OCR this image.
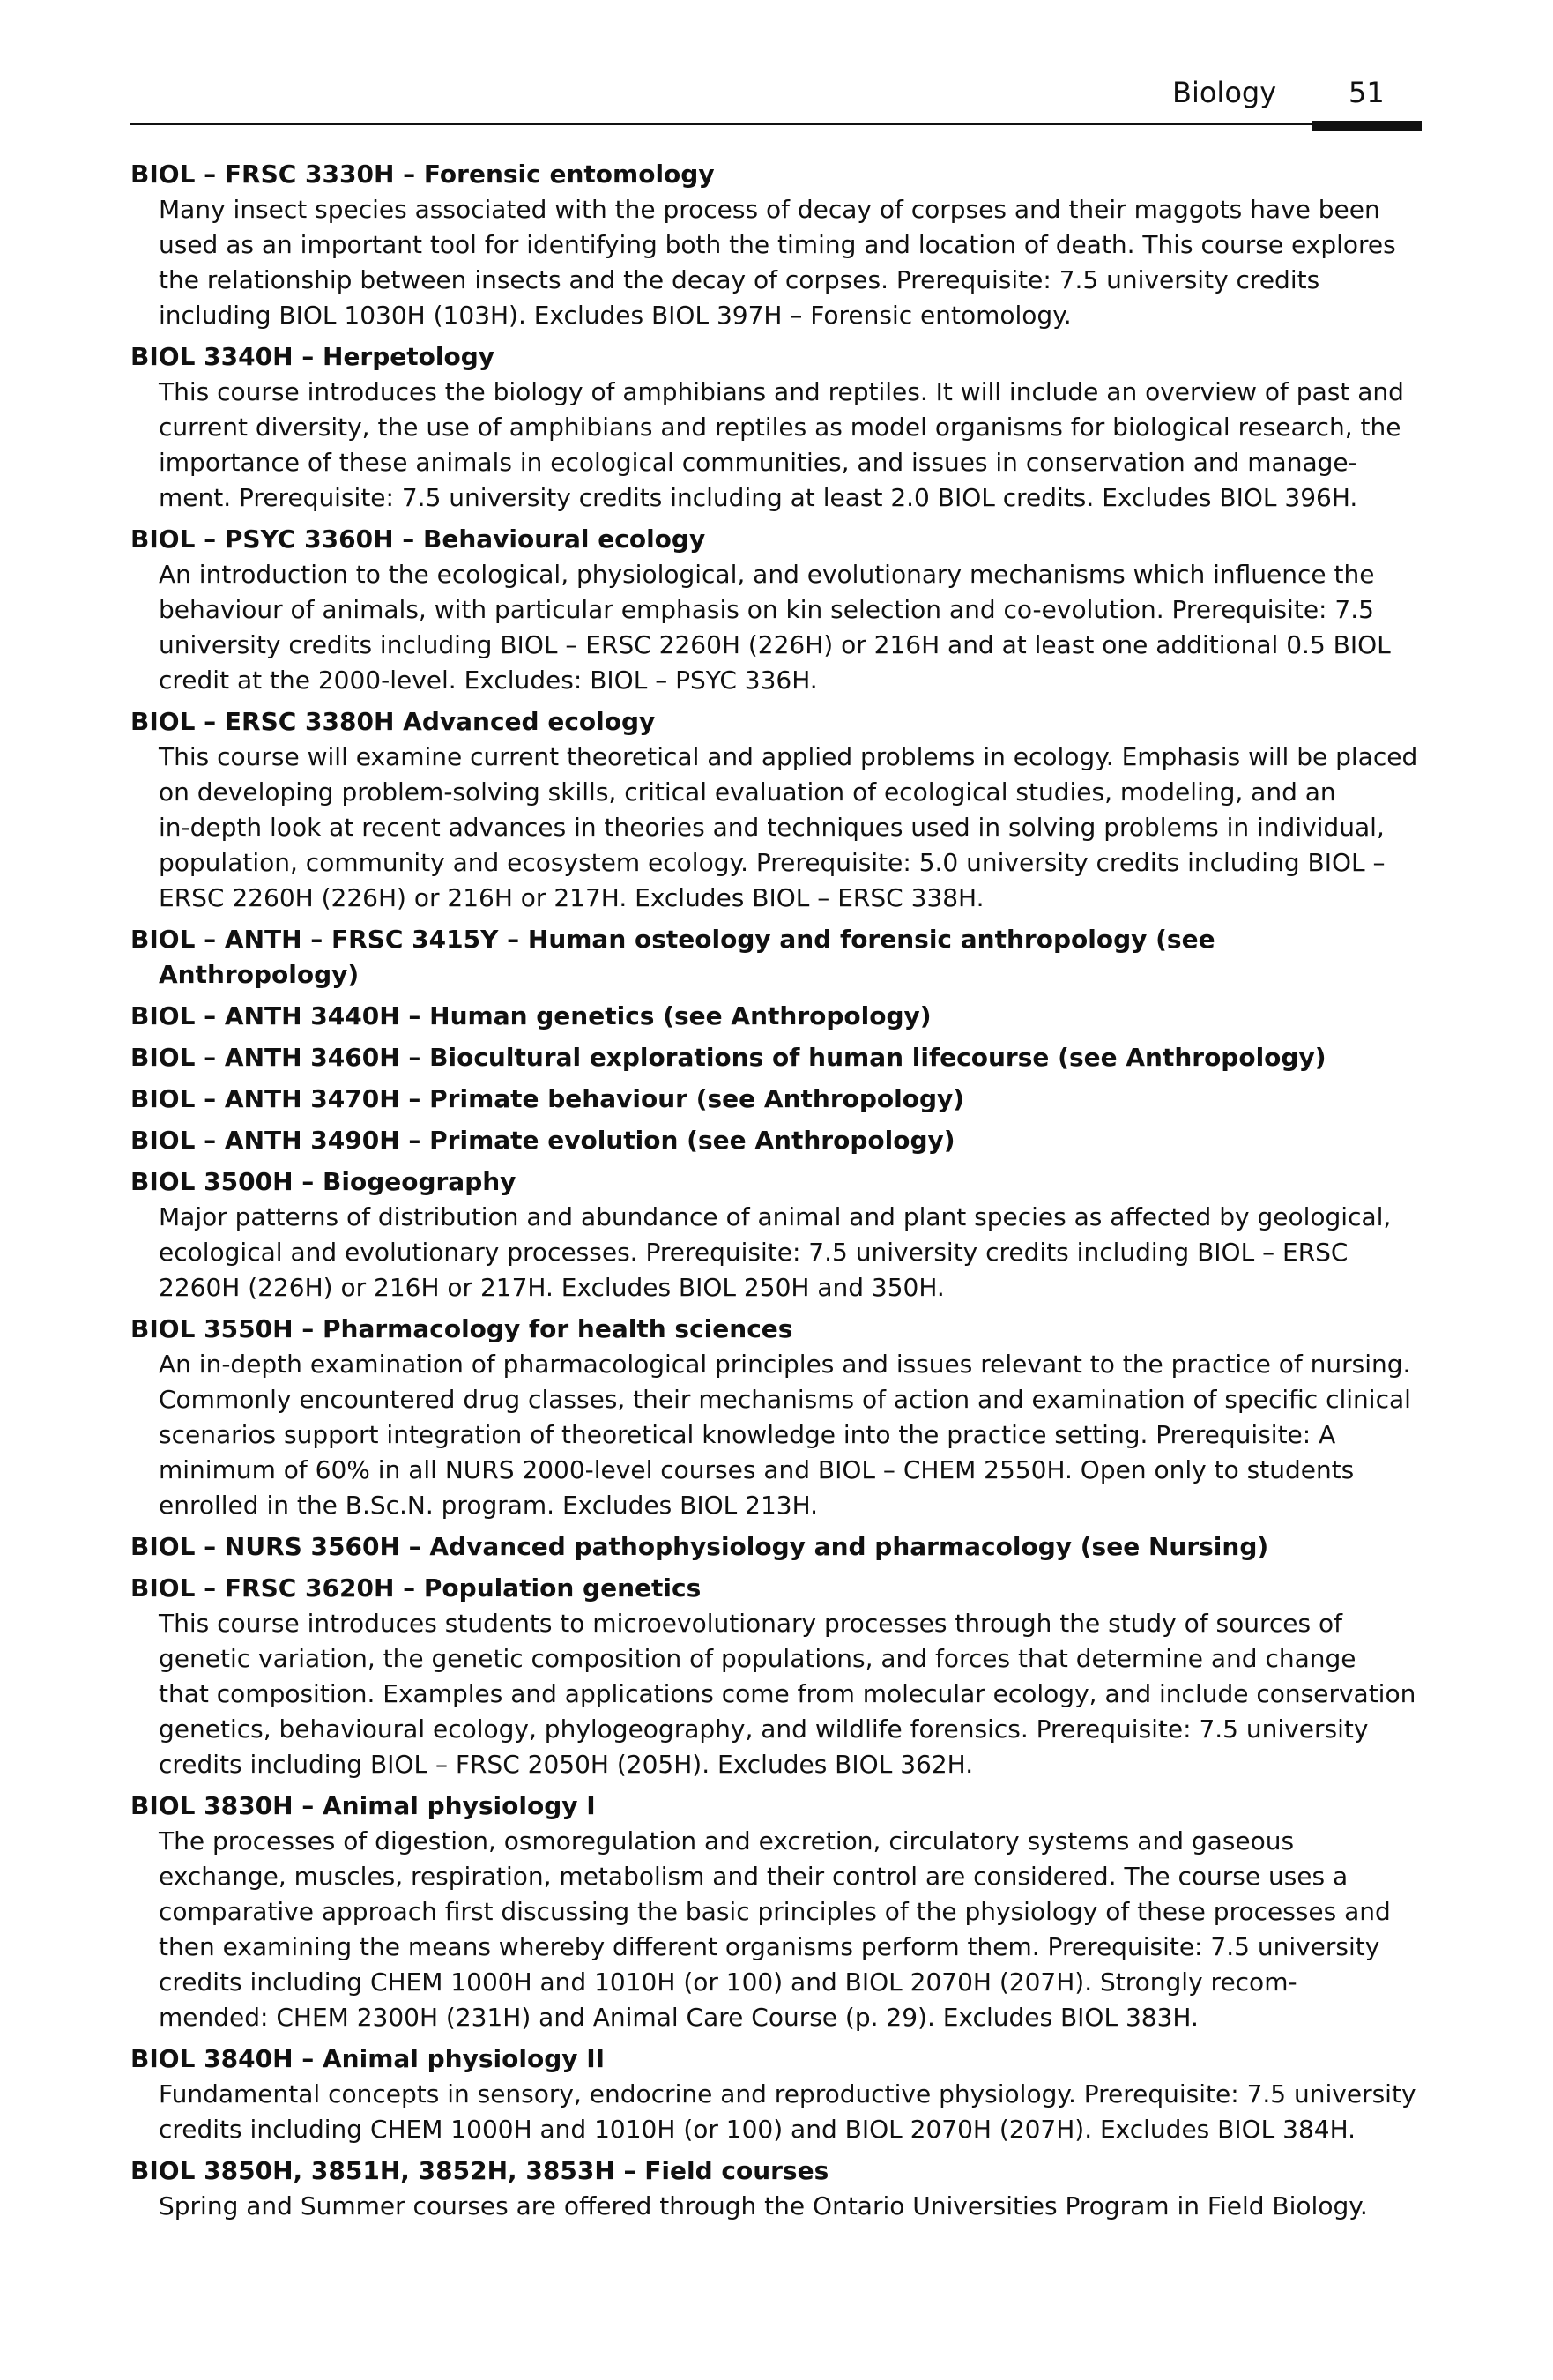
Biology	51
BIOL – FRSC 3330H – Forensic entomology

Many insect species associated with the process of decay of corpses and their maggots have been
used as an important tool for identifying both the timing and location of death. This course explores
the relationship between insects and the decay of corpses. Prerequisite: 7.5 university credits
including BIOL 1030H (103H). Excludes BIOL 397H – Forensic entomology.

BIOL 3340H – Herpetology

This course introduces the biology of amphibians and reptiles. It will include an overview of past and
current diversity, the use of amphibians and reptiles as model organisms for biological research, the
importance of these animals in ecological communities, and issues in conservation and manage-
ment. Prerequisite: 7.5 university credits including at least 2.0 BIOL credits. Excludes BIOL 396H.

BIOL – PSYC 3360H – Behavioural ecology

An introduction to the ecological, physiological, and evolutionary mechanisms which influence the
behaviour of animals, with particular emphasis on kin selection and co-evolution. Prerequisite: 7.5
university credits including BIOL – ERSC 2260H (226H) or 216H and at least one additional 0.5 BIOL
credit at the 2000-level. Excludes: BIOL – PSYC 336H.

BIOL – ERSC 3380H Advanced ecology

This course will examine current theoretical and applied problems in ecology. Emphasis will be placed
on developing problem-solving skills, critical evaluation of ecological studies, modeling, and an
in-depth look at recent advances in theories and techniques used in solving problems in individual,
population, community and ecosystem ecology. Prerequisite: 5.0 university credits including BIOL –
ERSC 2260H (226H) or 216H or 217H. Excludes BIOL – ERSC 338H.

BIOL – ANTH – FRSC 3415Y – Human osteology and forensic anthropology (see Anthropology)
BIOL – ANTH 3440H – Human genetics (see Anthropology)
BIOL – ANTH 3460H – Biocultural explorations of human lifecourse (see Anthropology)
BIOL – ANTH 3470H – Primate behaviour (see Anthropology)
BIOL – ANTH 3490H – Primate evolution (see Anthropology)
BIOL 3500H – Biogeography

Major patterns of distribution and abundance of animal and plant species as affected by geological,
ecological and evolutionary processes. Prerequisite: 7.5 university credits including BIOL – ERSC
2260H (226H) or 216H or 217H. Excludes BIOL 250H and 350H.

BIOL 3550H – Pharmacology for health sciences

An in-depth examination of pharmacological principles and issues relevant to the practice of nursing.
Commonly encountered drug classes, their mechanisms of action and examination of specific clinical
scenarios support integration of theoretical knowledge into the practice setting. Prerequisite: A
minimum of 60% in all NURS 2000-level courses and BIOL – CHEM 2550H. Open only to students
enrolled in the B.Sc.N. program. Excludes BIOL 213H.

BIOL – NURS 3560H – Advanced pathophysiology and pharmacology (see Nursing)
BIOL – FRSC 3620H – Population genetics

This course introduces students to microevolutionary processes through the study of sources of
genetic variation, the genetic composition of populations, and forces that determine and change
that composition. Examples and applications come from molecular ecology, and include conservation
genetics, behavioural ecology, phylogeography, and wildlife forensics. Prerequisite: 7.5 university
credits including BIOL – FRSC 2050H (205H). Excludes BIOL 362H.

BIOL 3830H – Animal physiology I

The processes of digestion, osmoregulation and excretion, circulatory systems and gaseous
exchange, muscles, respiration, metabolism and their control are considered. The course uses a
comparative approach first discussing the basic principles of the physiology of these processes and
then examining the means whereby different organisms perform them. Prerequisite: 7.5 university
credits including CHEM 1000H and 1010H (or 100) and BIOL 2070H (207H). Strongly recom-
mended: CHEM 2300H (231H) and Animal Care Course (p. 29). Excludes BIOL 383H.

BIOL 3840H – Animal physiology II

Fundamental concepts in sensory, endocrine and reproductive physiology. Prerequisite: 7.5 university
credits including CHEM 1000H and 1010H (or 100) and BIOL 2070H (207H). Excludes BIOL 384H.

BIOL 3850H, 3851H, 3852H, 3853H – Field courses

Spring and Summer courses are offered through the Ontario Universities Program in Field Biology.
